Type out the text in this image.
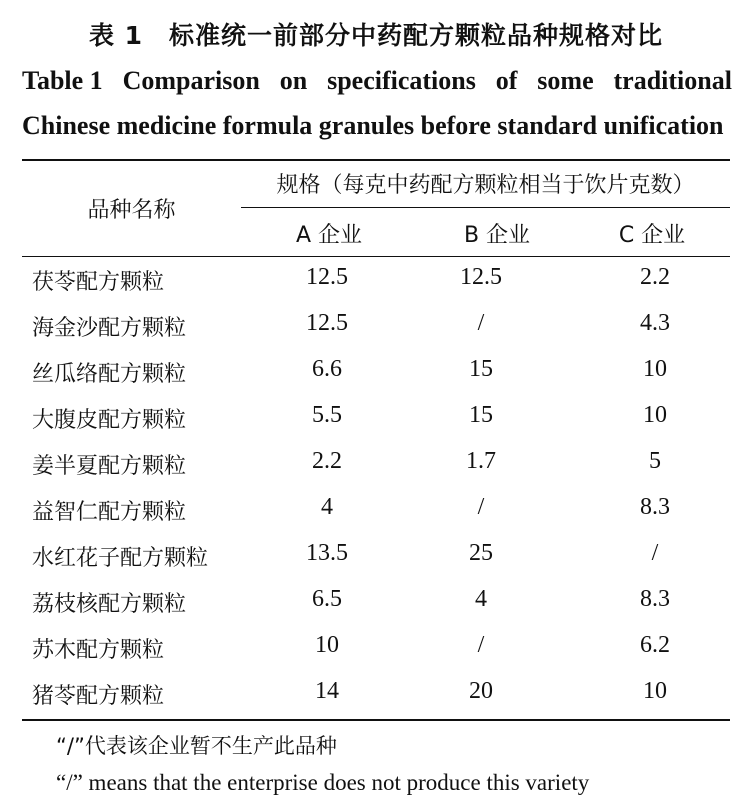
表 1 标准统一前部分中药配方颗粒品种规格对比
Table 1 Comparison on specifications of some traditional
Chinese medicine formula granules before standard unification
品种名称
规格（每克中药配方颗粒相当于饮片克数）
A 企业	B 企业	C 企业
茯苓配方颗粒	12.5	12.5	2.2
海金沙配方颗粒	12.5	/	4.3
丝瓜络配方颗粒	6.6	15	10
大腹皮配方颗粒	5.5	15	10
姜半夏配方颗粒	2.2	1.7	5
益智仁配方颗粒	4	/	8.3
水红花子配方颗粒	13.5	25	/
荔枝核配方颗粒	6.5	4	8.3
苏木配方颗粒	10	/	6.2
猪苓配方颗粒	14	20	10
“/”代表该企业暂不生产此品种
“/” means that the enterprise does not produce this variety
